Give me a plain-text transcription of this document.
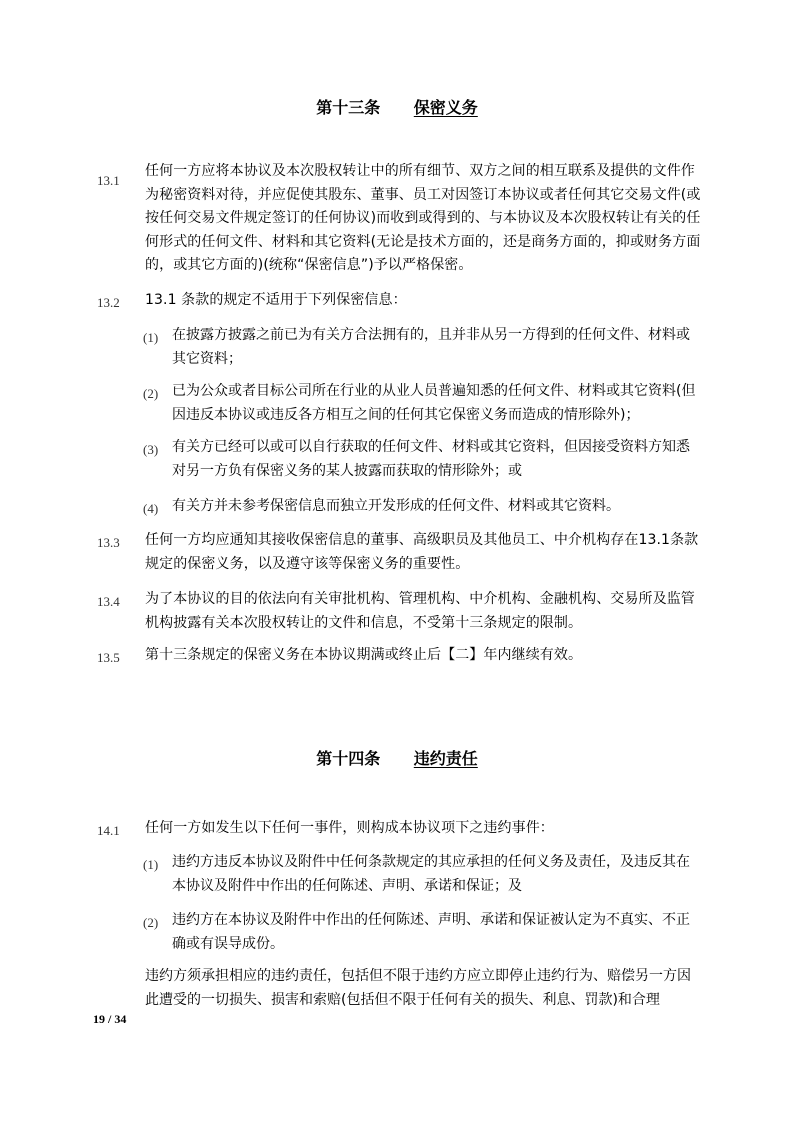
第十三条 保密义务
13.1
任何一方应将本协议及本次股权转让中的所有细节、双方之间的相互联系及提供的文件作为秘密资料对待，并应促使其股东、董事、员工对因签订本协议或者任何其它交易文件(或按任何交易文件规定签订的任何协议)而收到或得到的、与本协议及本次股权转让有关的任何形式的任何文件、材料和其它资料(无论是技术方面的，还是商务方面的，抑或财务方面的，或其它方面的)(统称“保密信息”)予以严格保密。
13.2 13.1 条款的规定不适用于下列保密信息：
(1) 在披露方披露之前已为有关方合法拥有的，且并非从另一方得到的任何文件、材料或其它资料；
(2) 已为公众或者目标公司所在行业的从业人员普遍知悉的任何文件、材料或其它资料(但因违反本协议或违反各方相互之间的任何其它保密义务而造成的情形除外)；
(3) 有关方已经可以或可以自行获取的任何文件、材料或其它资料，但因接受资料方知悉对另一方负有保密义务的某人披露而获取的情形除外；或
(4) 有关方并未参考保密信息而独立开发形成的任何文件、材料或其它资料。
13.3 任何一方均应通知其接收保密信息的董事、高级职员及其他员工、中介机构存在13.1条款规定的保密义务，以及遵守该等保密义务的重要性。
13.4 为了本协议的目的依法向有关审批机构、管理机构、中介机构、金融机构、交易所及监管机构披露有关本次股权转让的文件和信息，不受第十三条规定的限制。
13.5 第十三条规定的保密义务在本协议期满或终止后【二】年内继续有效。
第十四条 违约责任
14.1 任何一方如发生以下任何一事件，则构成本协议项下之违约事件：
(1) 违约方违反本协议及附件中任何条款规定的其应承担的任何义务及责任，及违反其在本协议及附件中作出的任何陈述、声明、承诺和保证；及
(2) 违约方在本协议及附件中作出的任何陈述、声明、承诺和保证被认定为不真实、不正确或有误导成份。
违约方须承担相应的违约责任，包括但不限于违约方应立即停止违约行为、赔偿另一方因此遭受的一切损失、损害和索赔(包括但不限于任何有关的损失、利息、罚款)和合理
19 / 34
